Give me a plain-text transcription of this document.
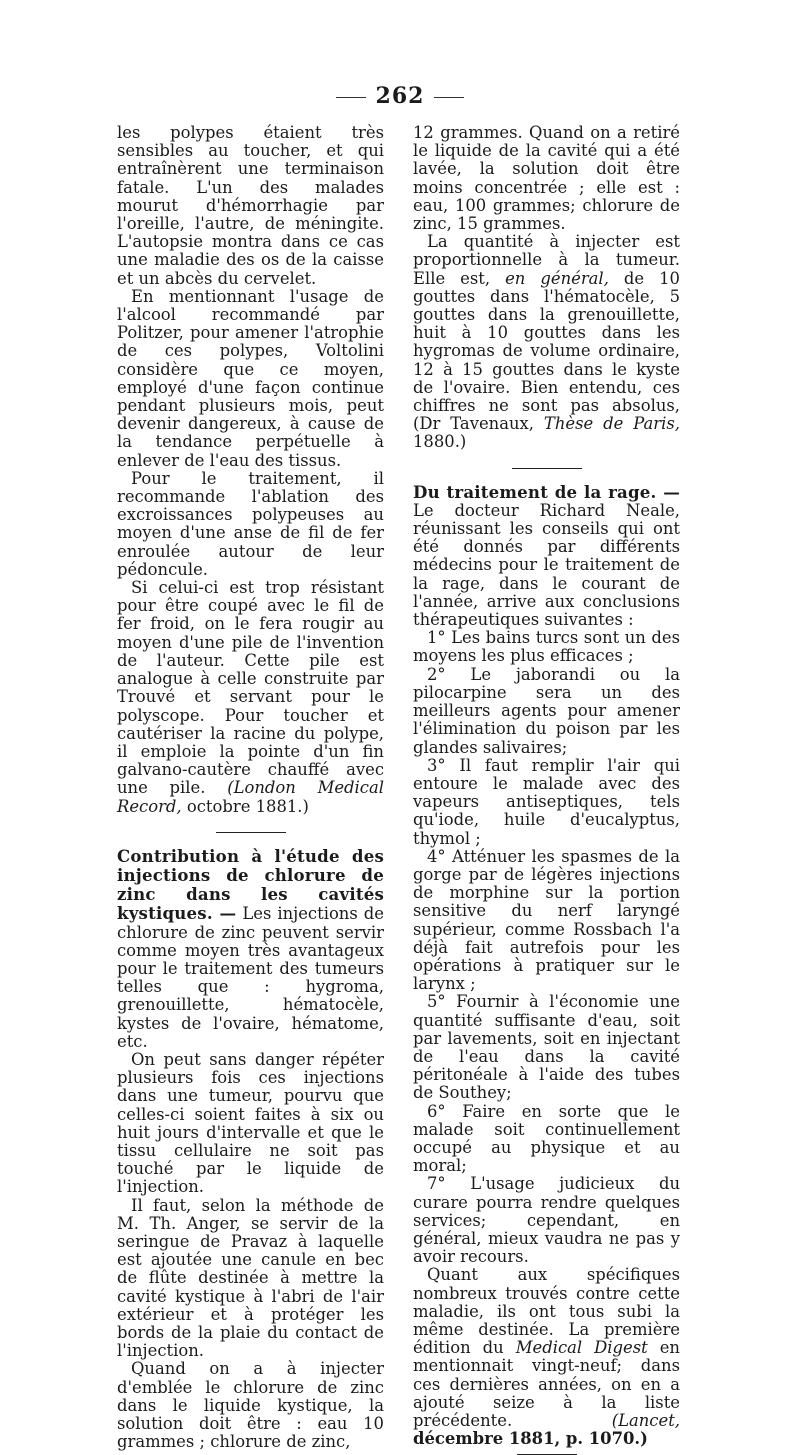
262

les polypes étaient très sensibles au toucher, et qui entraînèrent une terminaison fatale. L'un des malades mourut d'hémorrhagie par l'oreille, l'autre, de méningite. L'autopsie montra dans ce cas une maladie des os de la caisse et un abcès du cervelet.

En mentionnant l'usage de l'alcool recommandé par Politzer, pour amener l'atrophie de ces polypes, Voltolini considère que ce moyen, employé d'une façon continue pendant plusieurs mois, peut devenir dangereux, à cause de la tendance perpétuelle à enlever de l'eau des tissus.

Pour le traitement, il recommande l'ablation des excroissances polypeuses au moyen d'une anse de fil de fer enroulée autour de leur pédoncule.

Si celui-ci est trop résistant pour être coupé avec le fil de fer froid, on le fera rougir au moyen d'une pile de l'invention de l'auteur. Cette pile est analogue à celle construite par Trouvé et servant pour le polyscope. Pour toucher et cautériser la racine du polype, il emploie la pointe d'un fin galvano-cautère chauffé avec une pile. (London Medical Record, octobre 1881.)

Contribution à l'étude des injections de chlorure de zinc dans les cavités kystiques. — Les injections de chlorure de zinc peuvent servir comme moyen très avantageux pour le traitement des tumeurs telles que : hygroma, grenouillette, hématocèle, kystes de l'ovaire, hématome, etc.

On peut sans danger répéter plusieurs fois ces injections dans une tumeur, pourvu que celles-ci soient faites à six ou huit jours d'intervalle et que le tissu cellulaire ne soit pas touché par le liquide de l'injection.

Il faut, selon la méthode de M. Th. Anger, se servir de la seringue de Pravaz à laquelle est ajoutée une canule en bec de flûte destinée à mettre la cavité kystique à l'abri de l'air extérieur et à protéger les bords de la plaie du contact de l'injection.

Quand on a à injecter d'emblée le chlorure de zinc dans le liquide kystique, la solution doit être : eau 10 grammes ; chlorure de zinc,

12 grammes. Quand on a retiré le liquide de la cavité qui a été lavée, la solution doit être moins concentrée ; elle est : eau, 100 grammes; chlorure de zinc, 15 grammes.

La quantité à injecter est proportionnelle à la tumeur. Elle est, en général, de 10 gouttes dans l'hématocèle, 5 gouttes dans la grenouillette, huit à 10 gouttes dans les hygromas de volume ordinaire, 12 à 15 gouttes dans le kyste de l'ovaire. Bien entendu, ces chiffres ne sont pas absolus, (Dr Tavenaux, Thèse de Paris, 1880.)

Du traitement de la rage. — Le docteur Richard Neale, réunissant les conseils qui ont été donnés par différents médecins pour le traitement de la rage, dans le courant de l'année, arrive aux conclusions thérapeutiques suivantes :

1° Les bains turcs sont un des moyens les plus efficaces ;

2° Le jaborandi ou la pilocarpine sera un des meilleurs agents pour amener l'élimination du poison par les glandes salivaires;

3° Il faut remplir l'air qui entoure le malade avec des vapeurs antiseptiques, tels qu'iode, huile d'eucalyptus, thymol ;

4° Atténuer les spasmes de la gorge par de légères injections de morphine sur la portion sensitive du nerf laryngé supérieur, comme Rossbach l'a déjà fait autrefois pour les opérations à pratiquer sur le larynx ;

5° Fournir à l'économie une quantité suffisante d'eau, soit par lavements, soit en injectant de l'eau dans la cavité péritonéale à l'aide des tubes de Southey;

6° Faire en sorte que le malade soit continuellement occupé au physique et au moral;

7° L'usage judicieux du curare pourra rendre quelques services; cependant, en général, mieux vaudra ne pas y avoir recours.

Quant aux spécifiques nombreux trouvés contre cette maladie, ils ont tous subi la même destinée. La première édition du Medical Digest en mentionnait vingt-neuf; dans ces dernières années, on en a ajouté seize à la liste précédente.	(Lancet, décembre 1881, p. 1070.)
